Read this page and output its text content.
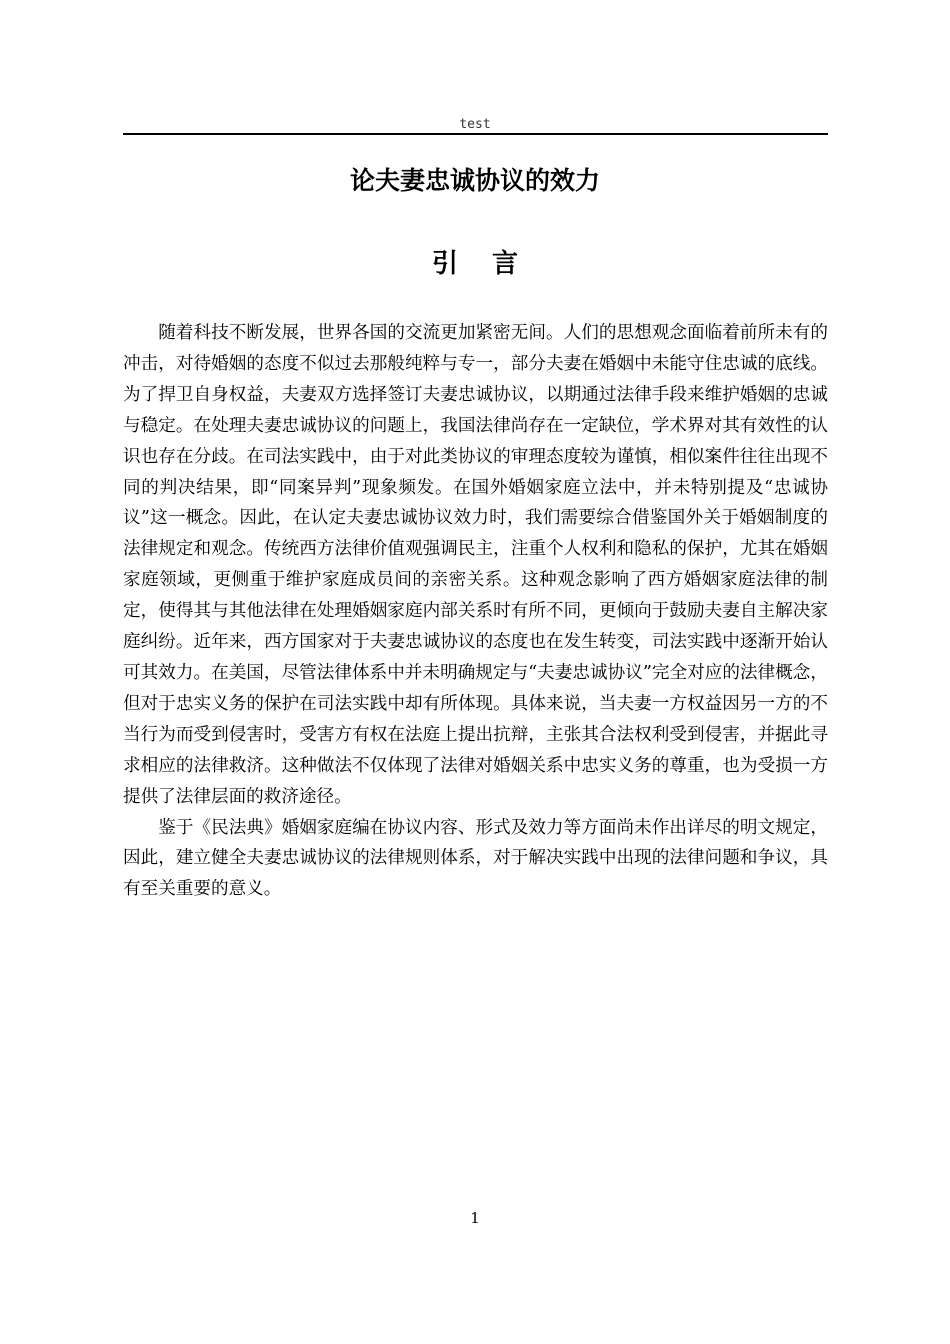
test
论夫妻忠诚协议的效力
引言

随着科技不断发展，世界各国的交流更加紧密无间。人们的思想观念面临着前所未有的冲击，对待婚姻的态度不似过去那般纯粹与专一，部分夫妻在婚姻中未能守住忠诚的底线。为了捍卫自身权益，夫妻双方选择签订夫妻忠诚协议，以期通过法律手段来维护婚姻的忠诚与稳定。在处理夫妻忠诚协议的问题上，我国法律尚存在一定缺位，学术界对其有效性的认识也存在分歧。在司法实践中，由于对此类协议的审理态度较为谨慎，相似案件往往出现不同的判决结果，即“同案异判”现象频发。在国外婚姻家庭立法中，并未特别提及“忠诚协议”这一概念。因此，在认定夫妻忠诚协议效力时，我们需要综合借鉴国外关于婚姻制度的法律规定和观念。传统西方法律价值观强调民主，注重个人权利和隐私的保护，尤其在婚姻家庭领域，更侧重于维护家庭成员间的亲密关系。这种观念影响了西方婚姻家庭法律的制定，使得其与其他法律在处理婚姻家庭内部关系时有所不同，更倾向于鼓励夫妻自主解决家庭纠纷。近年来，西方国家对于夫妻忠诚协议的态度也在发生转变，司法实践中逐渐开始认可其效力。在美国，尽管法律体系中并未明确规定与“夫妻忠诚协议”完全对应的法律概念，但对于忠实义务的保护在司法实践中却有所体现。具体来说，当夫妻一方权益因另一方的不当行为而受到侵害时，受害方有权在法庭上提出抗辩，主张其合法权利受到侵害，并据此寻求相应的法律救济。这种做法不仅体现了法律对婚姻关系中忠实义务的尊重，也为受损一方提供了法律层面的救济途径。

鉴于《民法典》婚姻家庭编在协议内容、形式及效力等方面尚未作出详尽的明文规定，因此，建立健全夫妻忠诚协议的法律规则体系，对于解决实践中出现的法律问题和争议，具有至关重要的意义。

1
